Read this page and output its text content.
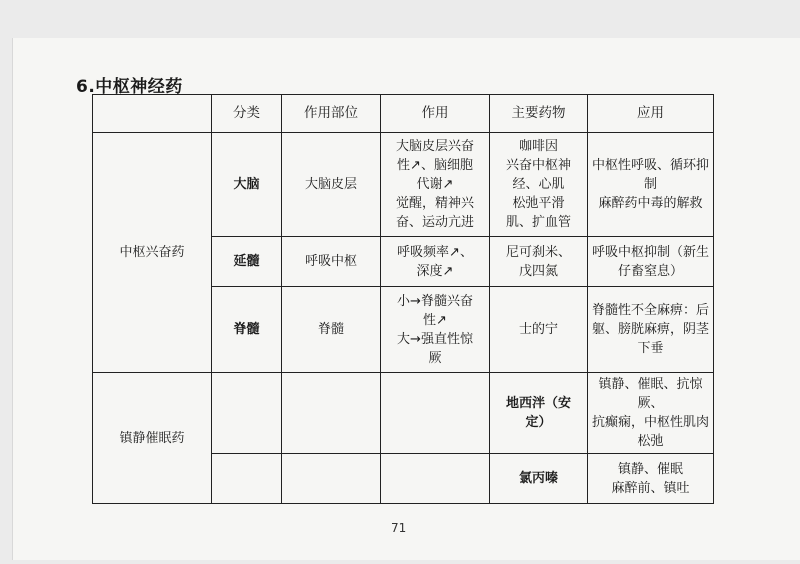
6.中枢神经药
	分类	作用部位	作用	主要药物	应用
中枢兴奋药	大脑	大脑皮层	大脑皮层兴奋
性↗、脑细胞
代谢↗
觉醒，精神兴
奋、运动亢进	咖啡因
兴奋中枢神
经、心肌
松弛平滑
肌、扩血管	中枢性呼吸、循环抑
制
麻醉药中毒的解救
	延髓	呼吸中枢	呼吸频率↗、
深度↗	尼可刹米、
戊四氮	呼吸中枢抑制（新生
仔畜窒息）
	脊髓	脊髓	小→脊髓兴奋
性↗
大→强直性惊
厥	士的宁	脊髓性不全麻痹：后
躯、膀胱麻痹，阴茎
下垂
镇静催眠药				地西泮（安
定）	镇静、催眠、抗惊厥、
抗癫痫，中枢性肌肉
松弛
				氯丙嗪	镇静、催眠
麻醉前、镇吐
71
